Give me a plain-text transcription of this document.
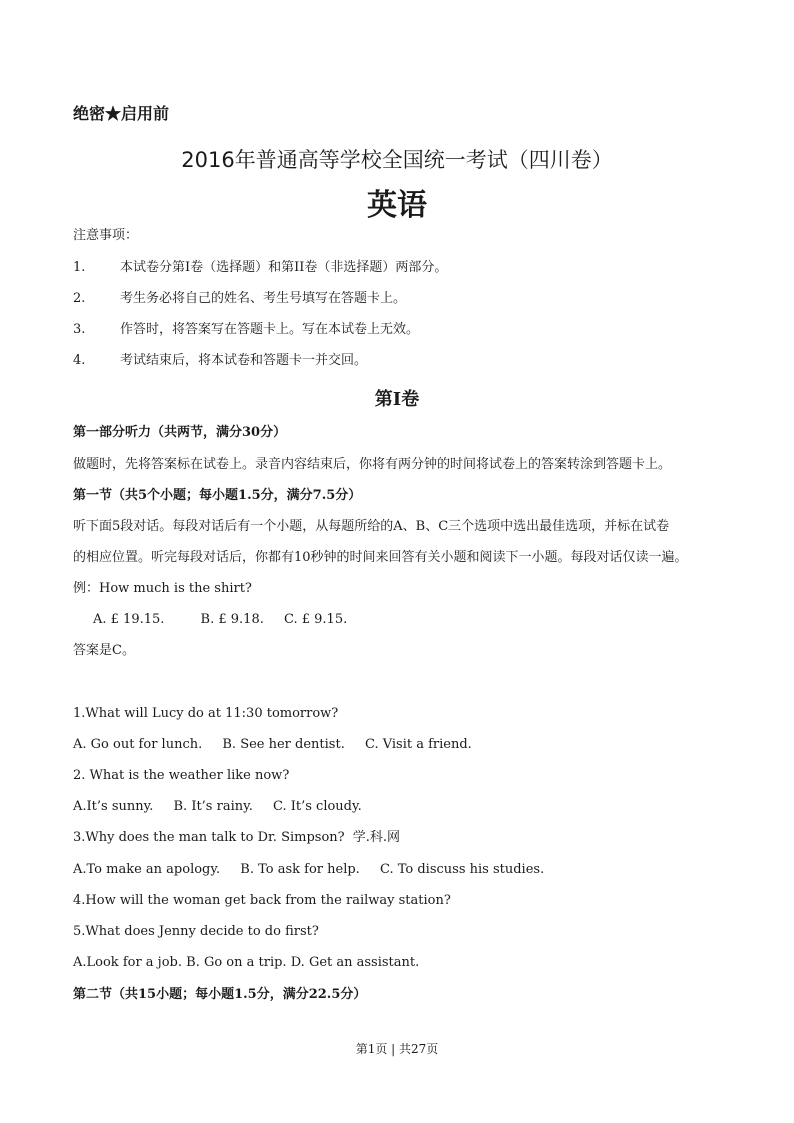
绝密★启用前
2016年普通高等学校全国统一考试（四川卷）
英语
注意事项：
1.	本试卷分第I卷（选择题）和第II卷（非选择题）两部分。
2.	考生务必将自己的姓名、考生号填写在答题卡上。
3.	作答时，将答案写在答题卡上。写在本试卷上无效。
4.	考试结束后，将本试卷和答题卡一并交回。
第I卷
第一部分听力（共两节，满分30分）
做题时，先将答案标在试卷上。录音内容结束后，你将有两分钟的时间将试卷上的答案转涂到答题卡上。
第一节（共5个小题；每小题1.5分，满分7.5分）
听下面5段对话。每段对话后有一个小题，从每题所给的A、B、C三个选项中选出最佳选项，并标在试卷
的相应位置。听完每段对话后，你都有10秒钟的时间来回答有关小题和阅读下一小题。每段对话仅读一遍。
例：How much is the shirt?
A. £ 19.15.	B. £ 9.18. C. £ 9.15.
答案是C。
1.What will Lucy do at 11:30 tomorrow?
A. Go out for lunch. B. See her dentist. C. Visit a friend.
2. What is the weather like now?
A.It’s sunny. B. It’s rainy. C. It’s cloudy.
3.Why does the man talk to Dr. Simpson? 学.科.网
A.To make an apology. B. To ask for help. C. To discuss his studies.
4.How will the woman get back from the railway station?
5.What does Jenny decide to do first?
A.Look for a job. B. Go on a trip. D. Get an assistant.
第二节（共15小题；每小题1.5分，满分22.5分）
第1页 | 共27页
